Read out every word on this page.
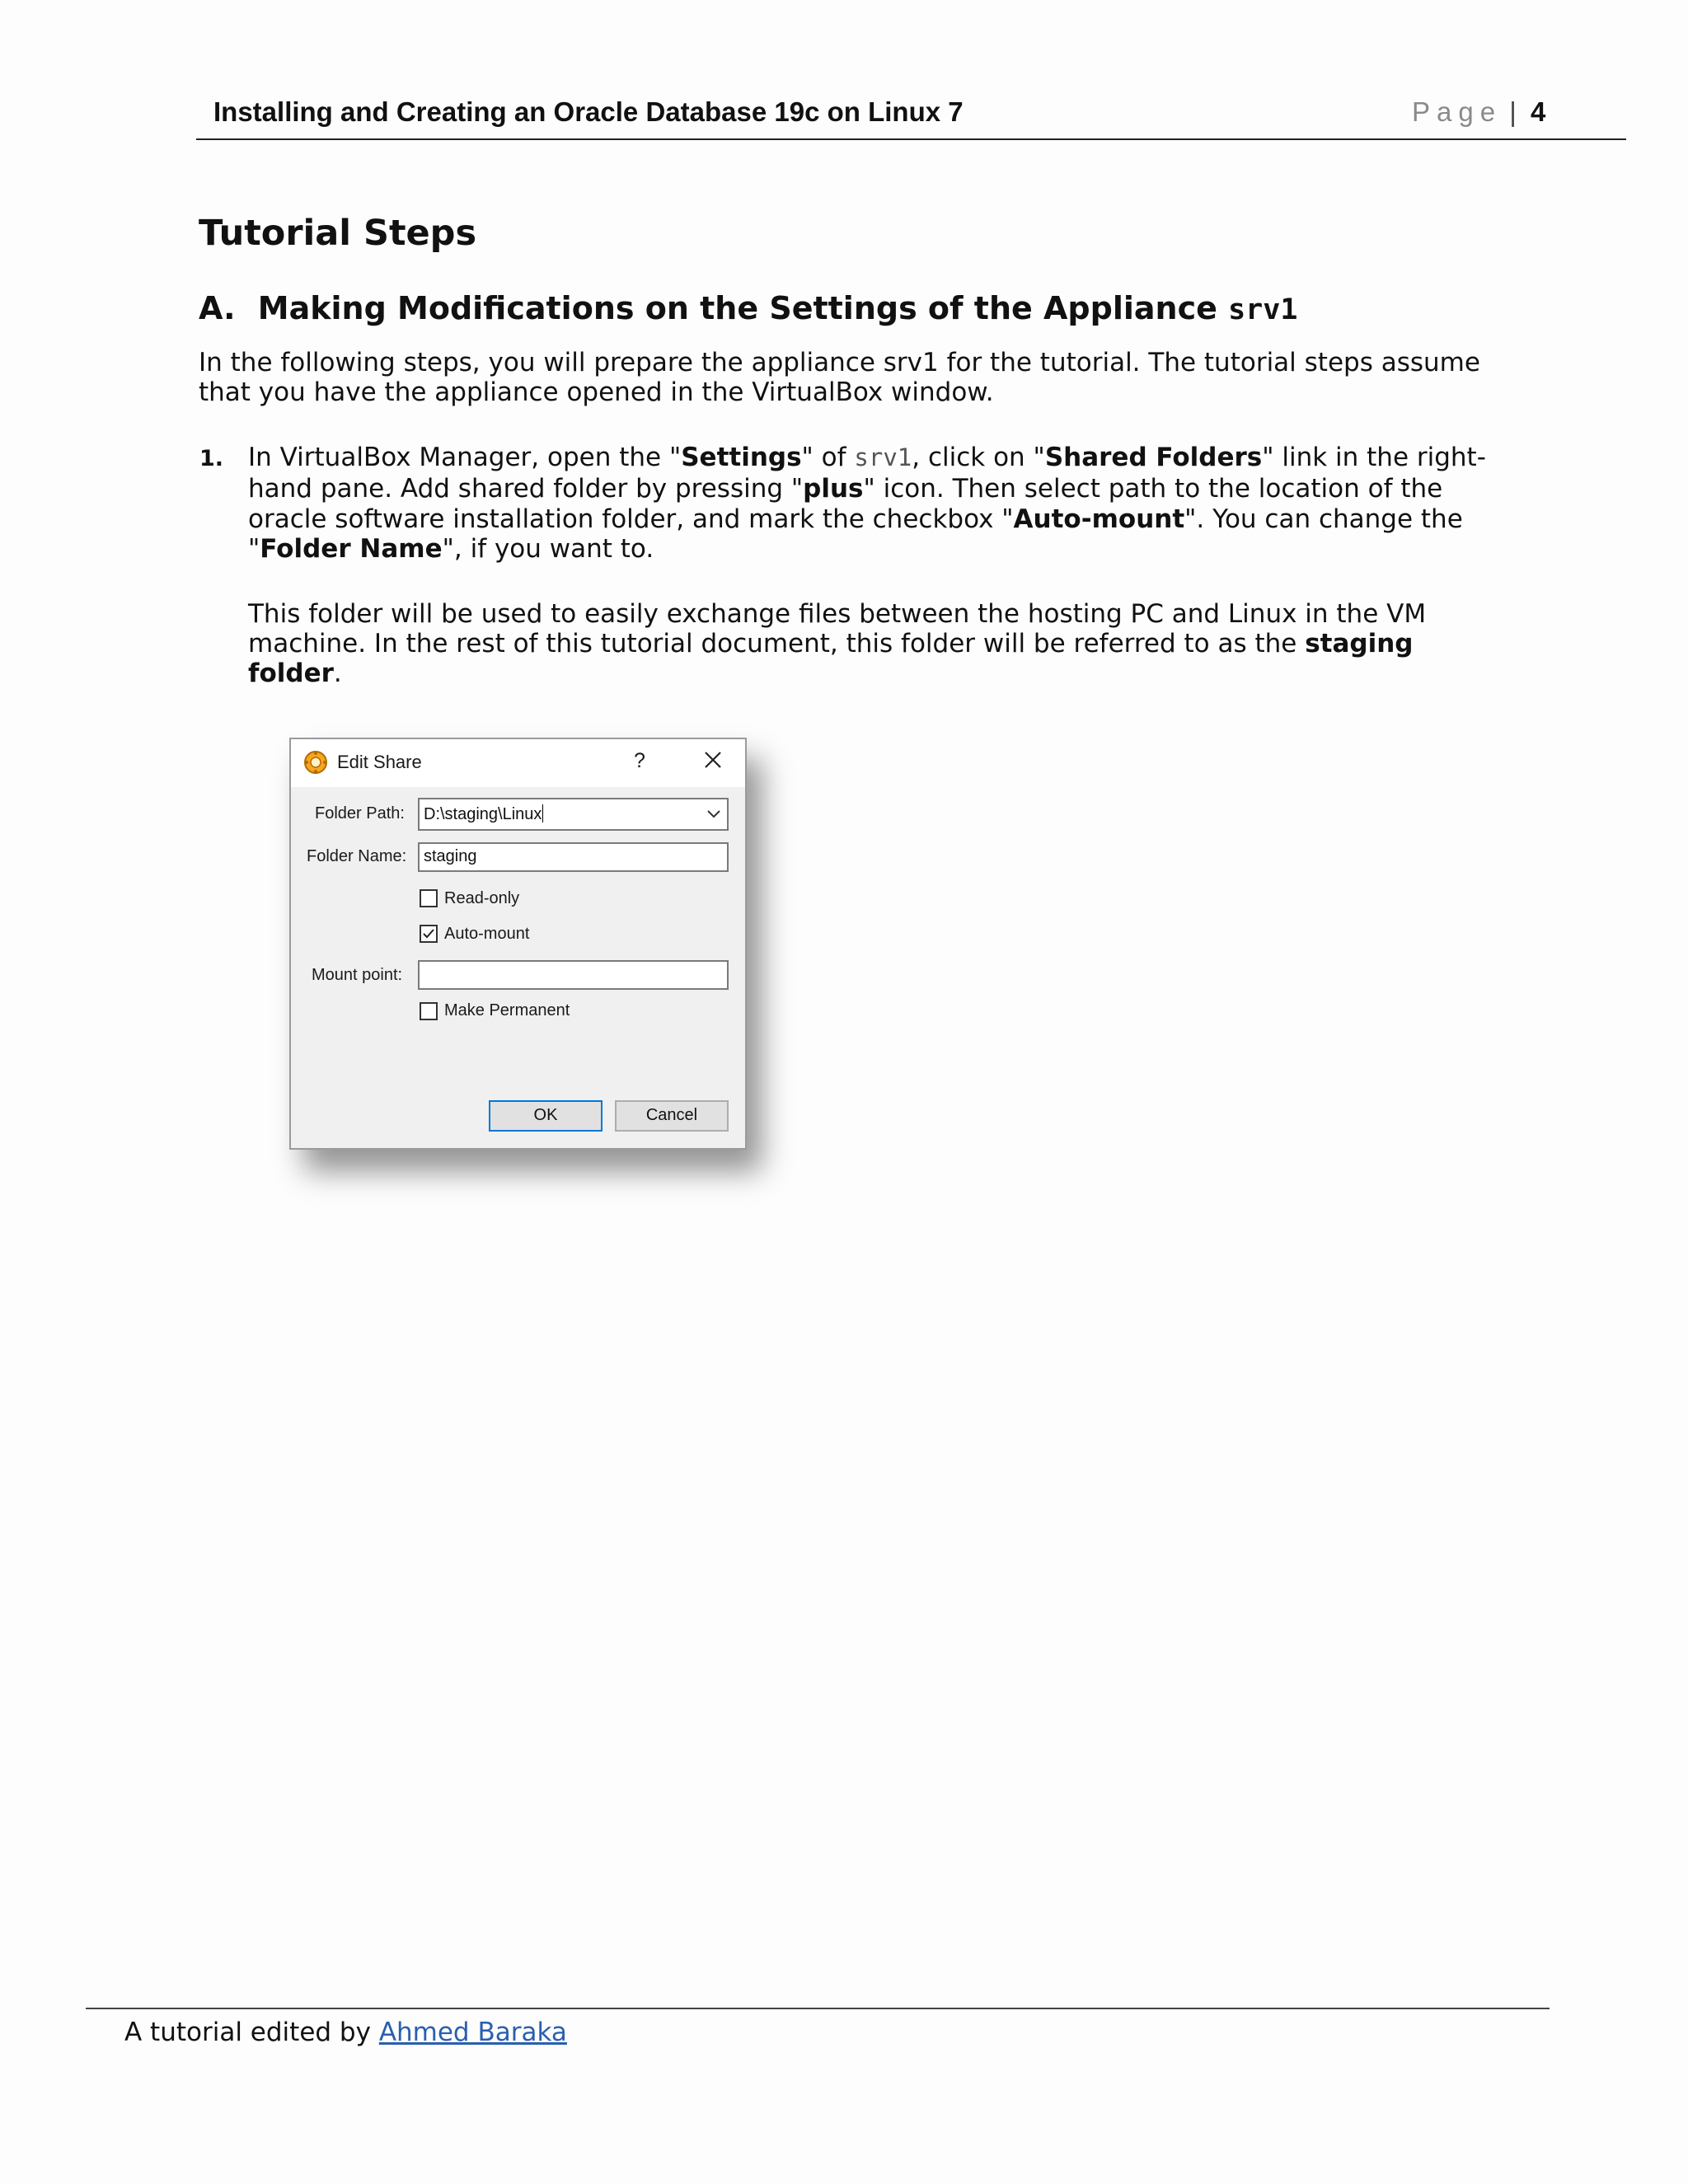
Installing and Creating an Oracle Database 19c on Linux 7	Page | 4
Tutorial Steps
A. Making Modifications on the Settings of the Appliance srv1
In the following steps, you will prepare the appliance srv1 for the tutorial. The tutorial steps assume
that you have the appliance opened in the VirtualBox window.
1. In VirtualBox Manager, open the "Settings" of srv1, click on "Shared Folders" link in the right-
hand pane. Add shared folder by pressing "plus" icon. Then select path to the location of the
oracle software installation folder, and mark the checkbox "Auto-mount". You can change the
"Folder Name", if you want to.
This folder will be used to easily exchange files between the hosting PC and Linux in the VM
machine. In the rest of this tutorial document, this folder will be referred to as the staging
folder.
Edit Share	?
Folder Path:	D:\staging\Linux
Folder Name:	staging
Read-only
Auto-mount
Mount point:
Make Permanent
OK	Cancel
A tutorial edited by Ahmed Baraka
